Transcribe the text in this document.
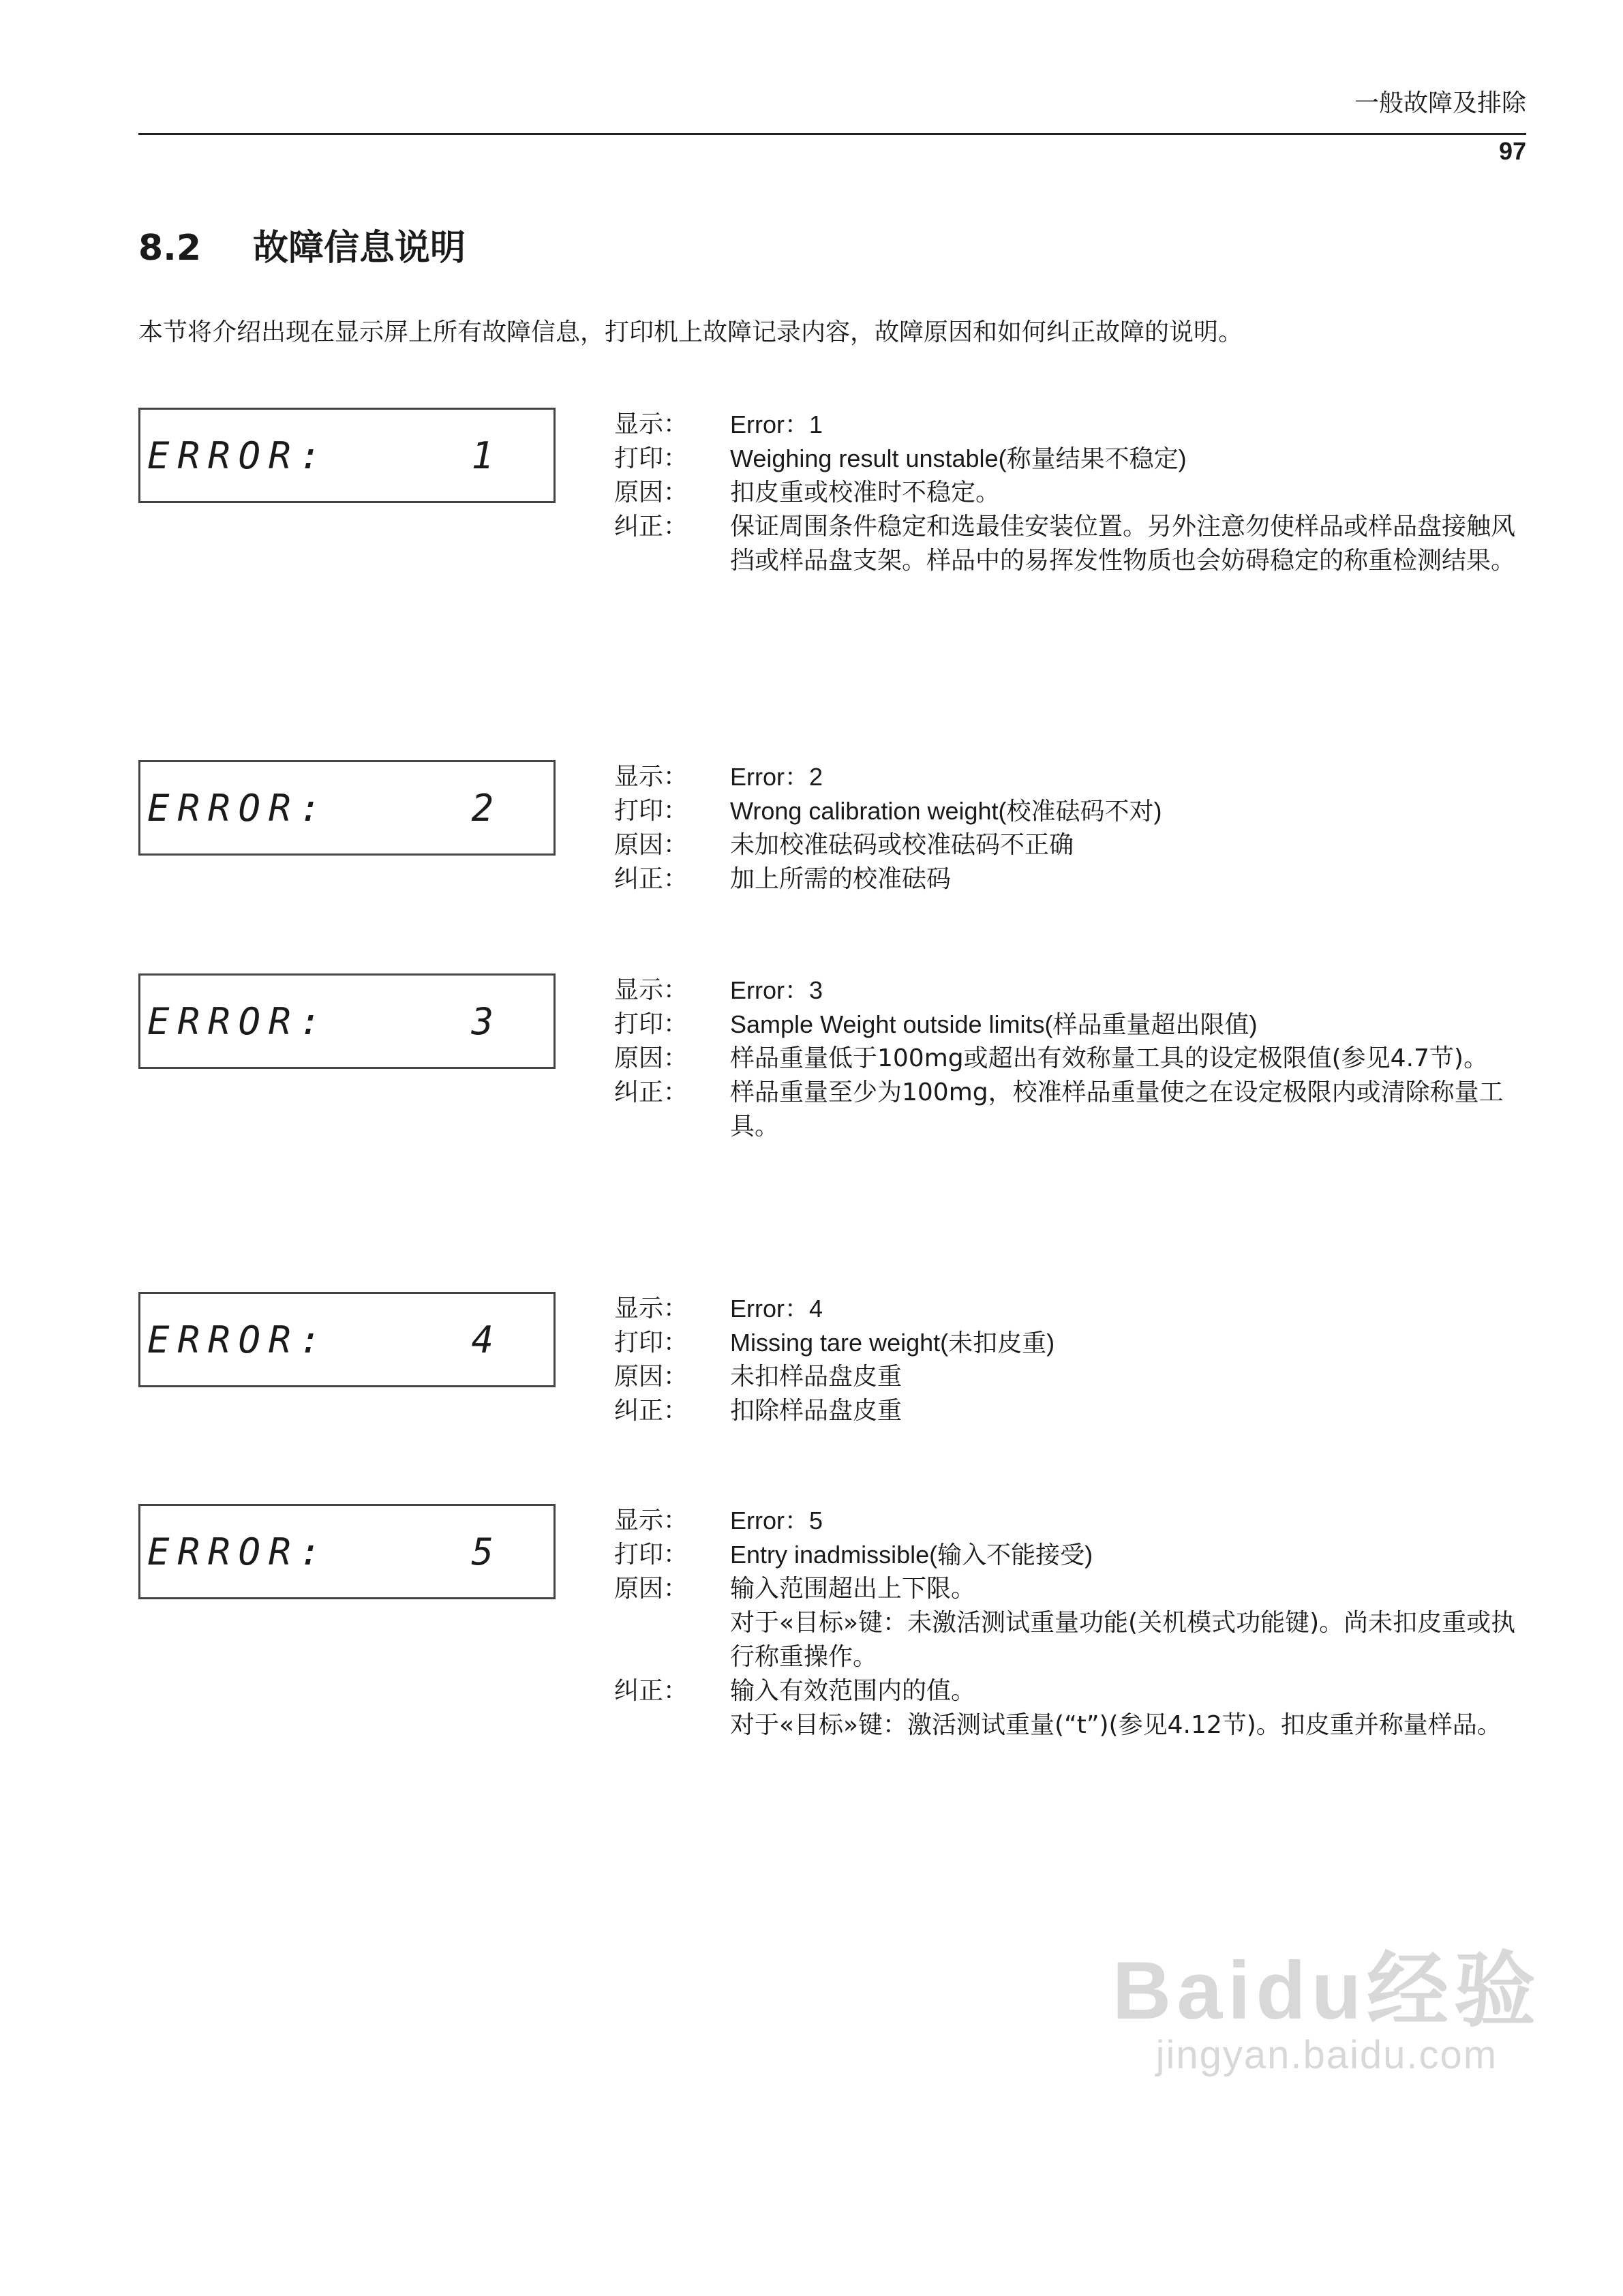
一般故障及排除
97
8.2 故障信息说明
本节将介绍出现在显示屏上所有故障信息，打印机上故障记录内容，故障原因和如何纠正故障的说明。
ERROR:	1
显示：	Error：1
打印：	Weighing result unstable(称量结果不稳定)
原因：	扣皮重或校准时不稳定。
纠正：	保证周围条件稳定和选最佳安装位置。另外注意勿使样品或样品盘接触风挡或样品盘支架。样品中的易挥发性物质也会妨碍稳定的称重检测结果。
ERROR:	2
显示：	Error：2
打印：	Wrong calibration weight(校准砝码不对)
原因：	未加校准砝码或校准砝码不正确
纠正：	加上所需的校准砝码
ERROR:	3
显示：	Error：3
打印：	Sample Weight outside limits(样品重量超出限值)
原因：	样品重量低于100mg或超出有效称量工具的设定极限值(参见4.7节)。
纠正：	样品重量至少为100mg，校准样品重量使之在设定极限内或清除称量工具。
ERROR:	4
显示：	Error：4
打印：	Missing tare weight(未扣皮重)
原因：	未扣样品盘皮重
纠正：	扣除样品盘皮重
ERROR:	5
显示：	Error：5
打印：	Entry inadmissible(输入不能接受)
原因：	输入范围超出上下限。
对于«目标»键：未激活测试重量功能(关机模式功能键)。尚未扣皮重或执行称重操作。
纠正：	输入有效范围内的值。
对于«目标»键：激活测试重量(“t”)(参见4.12节)。扣皮重并称量样品。
Baidu经验
jingyan.baidu.com
